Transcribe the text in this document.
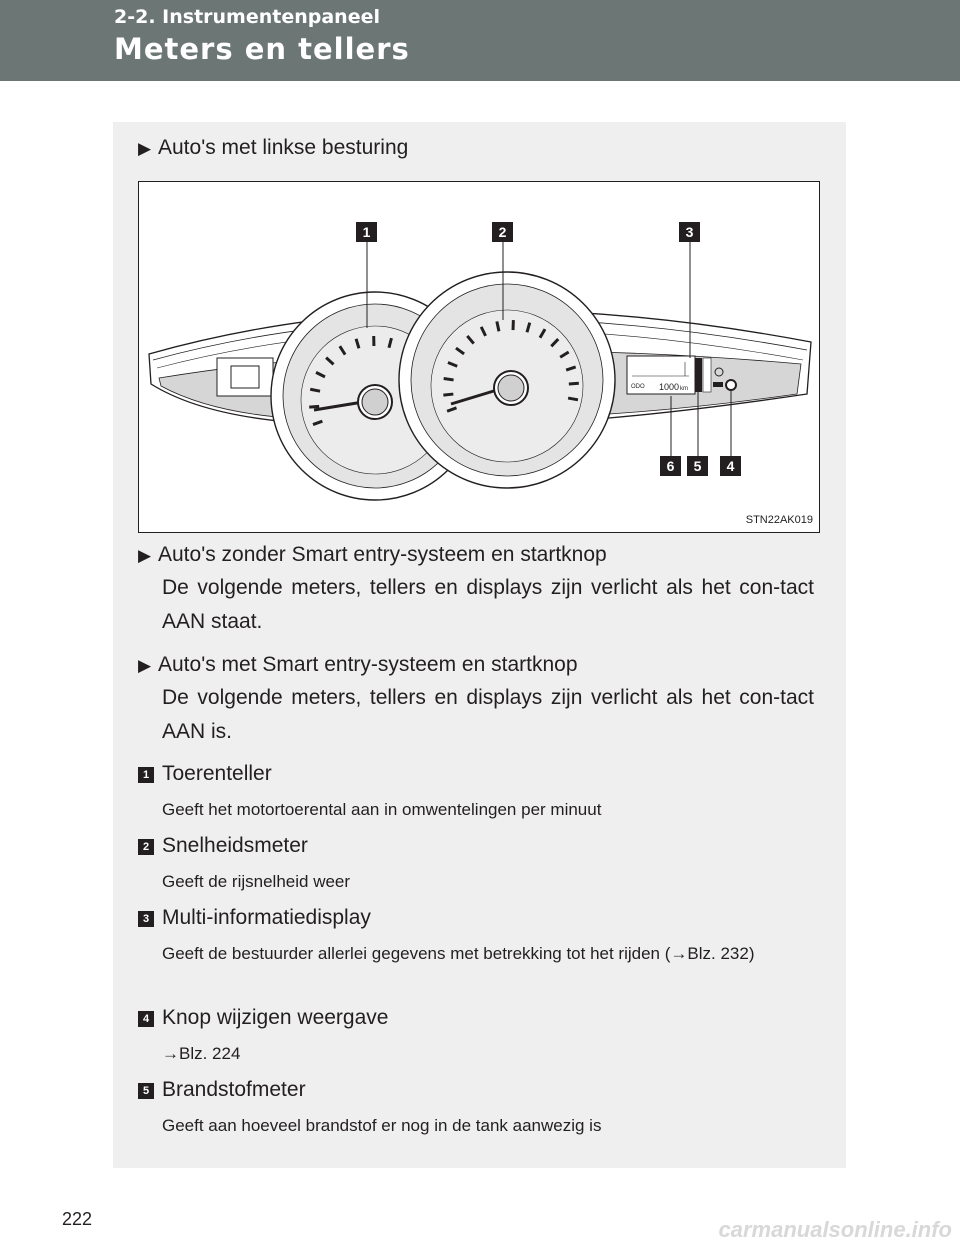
2-2. Instrumentenpaneel
Meters en tellers
▶ Auto's met linkse besturing
ODO 1000 km
1	2	3
4
5
6
STN22AK019
▶ Auto's zonder Smart entry-systeem en startknop
De volgende meters, tellers en displays zijn verlicht als het con-tact AAN staat.
▶ Auto's met Smart entry-systeem en startknop
De volgende meters, tellers en displays zijn verlicht als het con-tact AAN is.
1 Toerenteller
Geeft het motortoerental aan in omwentelingen per minuut
2 Snelheidsmeter
Geeft de rijsnelheid weer
3 Multi-informatiedisplay
Geeft de bestuurder allerlei gegevens met betrekking tot het rijden (→Blz. 232)
4 Knop wijzigen weergave
→Blz. 224
5 Brandstofmeter
Geeft aan hoeveel brandstof er nog in de tank aanwezig is
222	carmanualsonline.info
